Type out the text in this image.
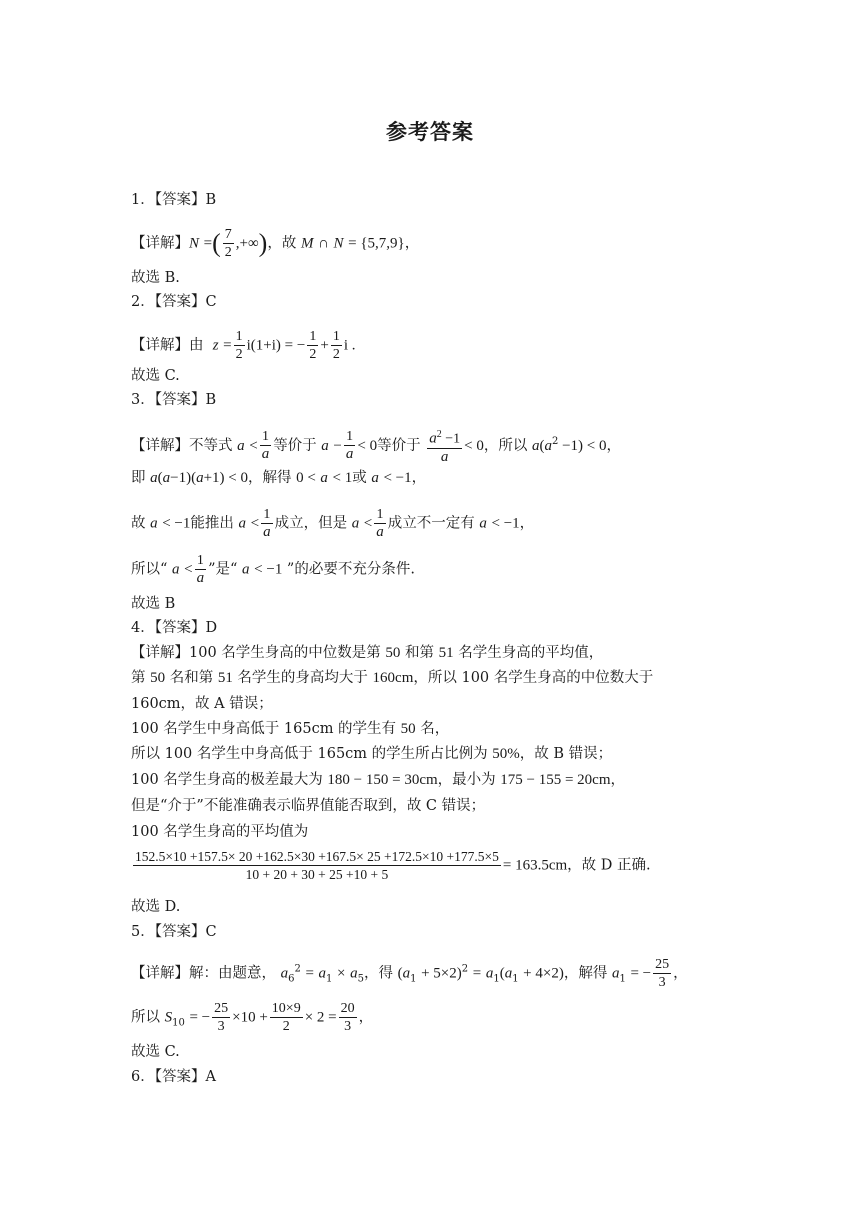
参考答案
1．【答案】B
【详解】N =( $\frac{7}{2}$ ,+∞)，故 M ∩ N = {5,7,9}，
故选 B.
2．【答案】C
【详解】由  $z = \frac{1}{2} i(1+i)$ = − $\frac{1}{2} + \frac{1}{2}$ i .
故选 C.
3．【答案】B
【详解】不等式 $a < \frac{1}{a}$ 等价于 $a - \frac{1}{a} < 0$等价于 $\frac{a^2 -1}{a} < 0$，所以 $a(a^2 -1) < 0$，
即 a(a−1)(a+1) < 0，解得 0 < a < 1或 a < −1，
故 a < −1能推出 $a < \frac{1}{a}$ 成立，但是 $a < \frac{1}{a}$ 成立不一定有 a < −1，
所以“ $a < \frac{1}{a}$ ”是“ a < −1 ”的必要不充分条件.
故选 B
4．【答案】D
【详解】100 名学生身高的中位数是第 50 和第 51 名学生身高的平均值，
第 50 名和第 51 名学生的身高均大于 160cm，所以 100 名学生身高的中位数大于
160cm，故 A 错误；
100 名学生中身高低于 165cm 的学生有 50 名，
所以 100 名学生中身高低于 165cm 的学生所占比例为 50%，故 B 错误；
100 名学生身高的极差最大为 180 − 150 = 30cm，最小为 175 − 155 = 20cm，
但是“介于”不能准确表示临界值能否取到，故 C 错误；
100 名学生身高的平均值为
$\frac{152.5\times 10 +157.5\times 20 +162.5\times 30 +167.5\times 25 +172.5\times 10 +177.5\times 5}{10 + 20 + 30 + 25 +10 + 5} = 163.5cm$，故 D 正确.
故选 D.
5．【答案】C
【详解】解：由题意， $a_6^2 = a_1 \times a_5$，得 $(a_1 + 5\times 2)^2 = a_1(a_1 + 4\times 2)$，解得 $a_1$ = − $\frac{25}{3}$ ，
所以 $S_{10}$ = − $\frac{25}{3} \times 10 + \frac{10\times 9}{2} \times 2 = \frac{20}{3}$ ，
故选 C.
6．【答案】A
